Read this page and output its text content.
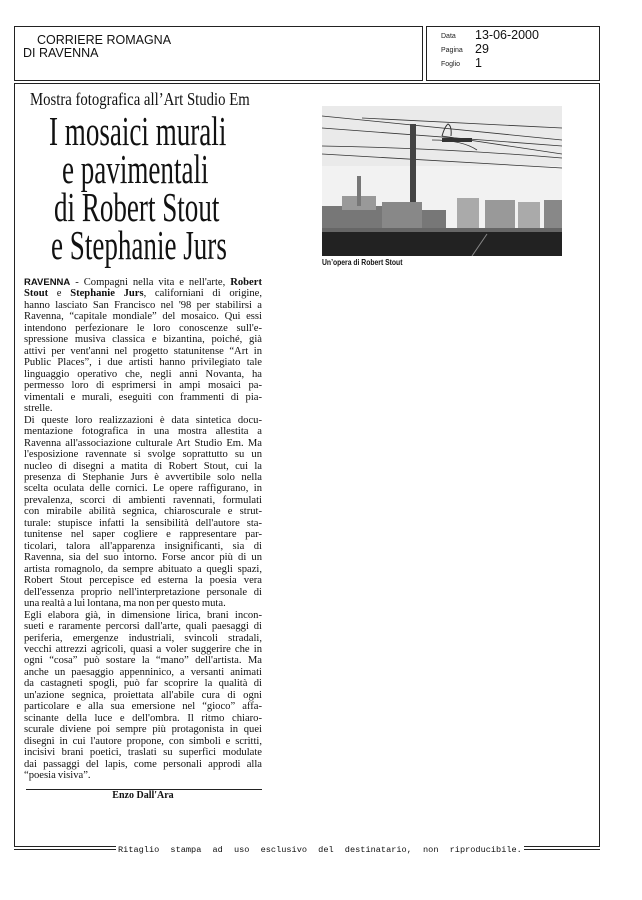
CORRIERE ROMAGNA
DI RAVENNA
Data 13-06-2000
Pagina 29
Foglio 1
Mostra fotografica all’Art Studio Em
I mosaici murali
e pavimentali
di Robert Stout
e Stephanie Jurs	Un’opera di Robert Stout
RAVENNA - Compagni nella vita e nell'arte, Robert
Stout e Stephanie Jurs, californiani di origine,
hanno lasciato San Francisco nel '98 per stabilirsi a
Ravenna, “capitale mondiale” del mosaico. Qui essi
intendono perfezionare le loro conoscenze sull'e-
spressione musiva classica e bizantina, poiché, già
attivi per vent'anni nel progetto statunitense “Art in
Public Places”, i due artisti hanno privilegiato tale
linguaggio operativo che, negli anni Novanta, ha
permesso loro di esprimersi in ampi mosaici pa-
vimentali e murali, eseguiti con frammenti di pia-
strelle.
Di queste loro realizzazioni è data sintetica docu-
mentazione fotografica in una mostra allestita a
Ravenna all'associazione culturale Art Studio Em. Ma
l'esposizione ravennate si svolge soprattutto su un
nucleo di disegni a matita di Robert Stout, cui la
presenza di Stephanie Jurs è avvertibile solo nella
scelta oculata delle cornici. Le opere raffigurano, in
prevalenza, scorci di ambienti ravennati, formulati
con mirabile abilità segnica, chiaroscurale e strut-
turale: stupisce infatti la sensibilità dell'autore sta-
tunitense nel saper cogliere e rappresentare par-
ticolari, talora all'apparenza insignificanti, sia di
Ravenna, sia del suo intorno. Forse ancor più di un
artista romagnolo, da sempre abituato a quegli spazi,
Robert Stout percepisce ed esterna la poesia vera
dell'essenza proprio nell'interpretazione personale di
una realtà a lui lontana, ma non per questo muta.
Egli elabora già, in dimensione lirica, brani incon-
sueti e raramente percorsi dall'arte, quali paesaggi di
periferia, emergenze industriali, svincoli stradali,
vecchi attrezzi agricoli, quasi a voler suggerire che in
ogni “cosa” può sostare la “mano” dell'artista. Ma
anche un paesaggio appenninico, a versanti animati
da castagneti spogli, può far scoprire la qualità di
un'azione segnica, proiettata all'abile cura di ogni
particolare e alla sua emersione nel “gioco” affa-
scinante della luce e dell'ombra. Il ritmo chiaro-
scurale diviene poi sempre più protagonista in quei
disegni in cui l'autore propone, con simboli e scritti,
incisivi brani poetici, traslati su superfici modulate
dai passaggi del lapis, come personali approdi alla
“poesia visiva”.
Enzo Dall'Ara
Ritaglio stampa ad uso esclusivo del destinatario, non riproducibile.
